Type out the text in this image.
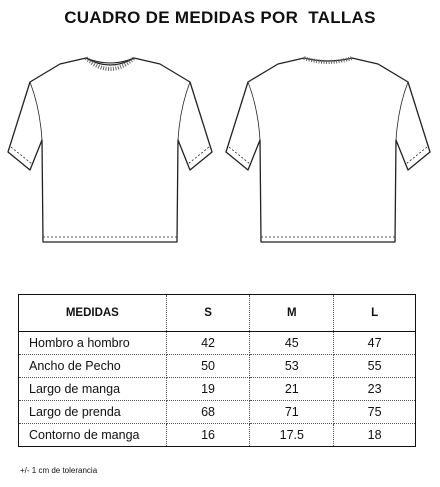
CUADRO DE MEDIDAS POR  TALLAS
MEDIDAS	S	M	L
Hombro a hombro	42	45	47
Ancho de Pecho	50	53	55
Largo de manga	19	21	23
Largo de prenda	68	71	75
Contorno de manga	16	17.5	18
+/- 1 cm de tolerancia
